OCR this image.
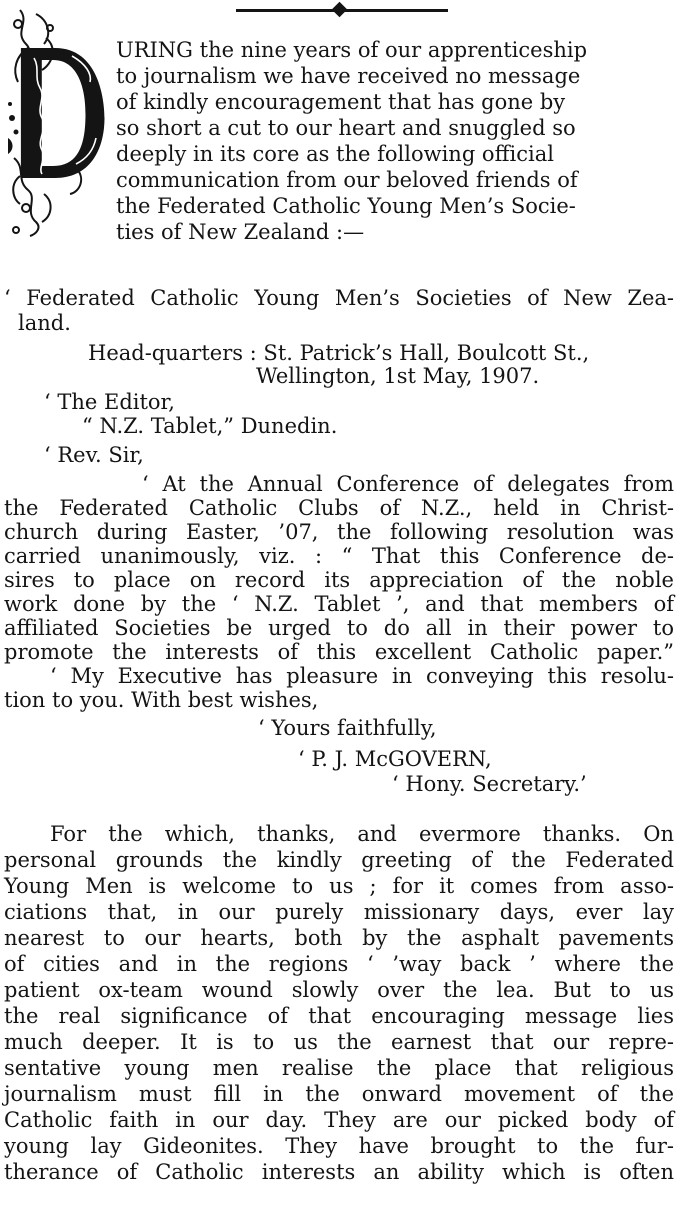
URING the nine years of our apprenticeship
to journalism we have received no message
of kindly encouragement that has gone by
so short a cut to our heart and snuggled so
deeply in its core as the following official
communication from our beloved friends of
the Federated Catholic Young Men’s Socie-
ties of New Zealand :—
‘ Federated Catholic Young Men’s Societies of New Zea-
land.
Head-quarters : St. Patrick’s Hall, Boulcott St.,
Wellington, 1st May, 1907.
‘ The Editor,
“ N.Z. Tablet,” Dunedin.
‘ Rev. Sir,
‘ At the Annual Conference of delegates from
the Federated Catholic Clubs of N.Z., held in Christ-
church during Easter, ’07, the following resolution was
carried unanimously, viz. : “ That this Conference de-
sires to place on record its appreciation of the noble
work done by the ‘ N.Z. Tablet ’, and that members of
affiliated Societies be urged to do all in their power to
promote the interests of this excellent Catholic paper.”
‘ My Executive has pleasure in conveying this resolu-
tion to you. With best wishes,
‘ Yours faithfully,
‘ P. J. McGOVERN,
‘ Hony. Secretary.’
For the which, thanks, and evermore thanks. On
personal grounds the kindly greeting of the Federated
Young Men is welcome to us ; for it comes from asso-
ciations that, in our purely missionary days, ever lay
nearest to our hearts, both by the asphalt pavements
of cities and in the regions ‘ ’way back ’ where the
patient ox-team wound slowly over the lea. But to us
the real significance of that encouraging message lies
much deeper. It is to us the earnest that our repre-
sentative young men realise the place that religious
journalism must fill in the onward movement of the
Catholic faith in our day. They are our picked body of
young lay Gideonites. They have brought to the fur-
therance of Catholic interests an ability which is often
